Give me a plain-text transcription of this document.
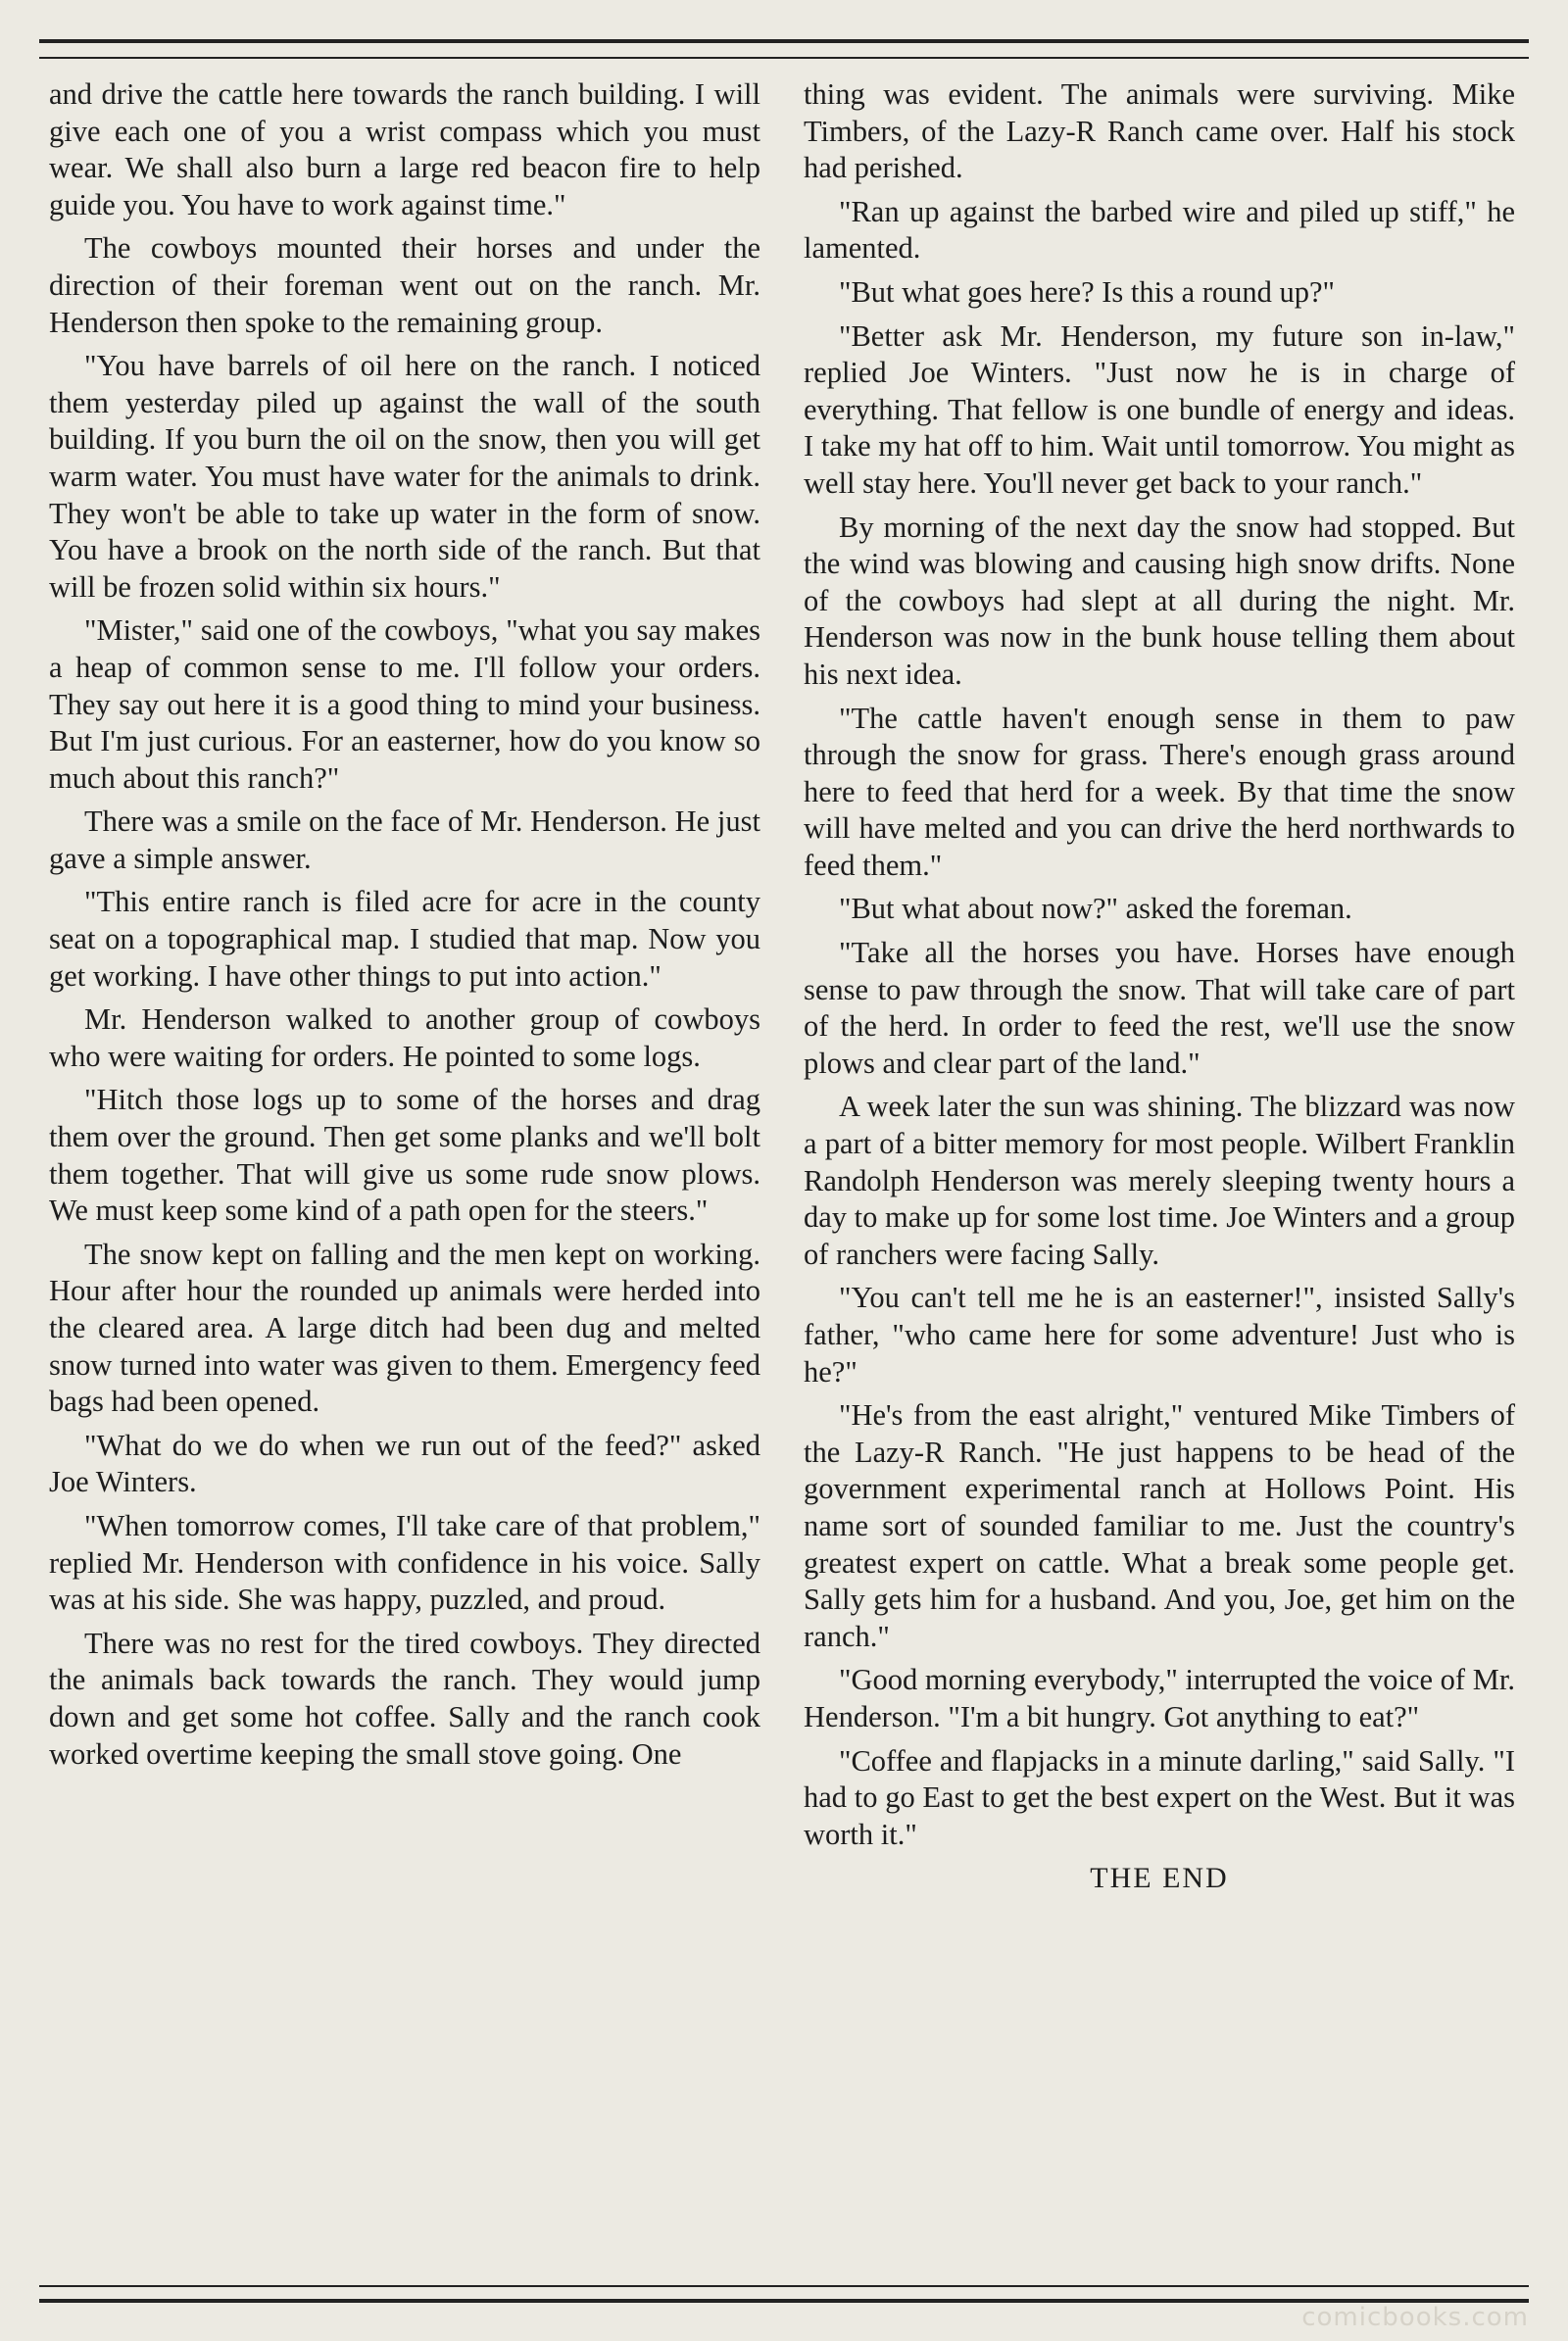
and drive the cattle here towards the ranch building. I will give each one of you a wrist compass which you must wear. We shall also burn a large red beacon fire to help guide you. You have to work against time."

The cowboys mounted their horses and under the direction of their foreman went out on the ranch. Mr. Henderson then spoke to the remaining group.

"You have barrels of oil here on the ranch. I noticed them yesterday piled up against the wall of the south building. If you burn the oil on the snow, then you will get warm water. You must have water for the animals to drink. They won't be able to take up water in the form of snow. You have a brook on the north side of the ranch. But that will be frozen solid within six hours."

"Mister," said one of the cowboys, "what you say makes a heap of common sense to me. I'll follow your orders. They say out here it is a good thing to mind your business. But I'm just curious. For an easterner, how do you know so much about this ranch?"

There was a smile on the face of Mr. Henderson. He just gave a simple answer.

"This entire ranch is filed acre for acre in the county seat on a topographical map. I studied that map. Now you get working. I have other things to put into action."

Mr. Henderson walked to another group of cowboys who were waiting for orders. He pointed to some logs.

"Hitch those logs up to some of the horses and drag them over the ground. Then get some planks and we'll bolt them together. That will give us some rude snow plows. We must keep some kind of a path open for the steers."

The snow kept on falling and the men kept on working. Hour after hour the rounded up animals were herded into the cleared area. A large ditch had been dug and melted snow turned into water was given to them. Emergency feed bags had been opened.

"What do we do when we run out of the feed?" asked Joe Winters.

"When tomorrow comes, I'll take care of that problem," replied Mr. Henderson with confidence in his voice. Sally was at his side. She was happy, puzzled, and proud.

There was no rest for the tired cowboys. They directed the animals back towards the ranch. They would jump down and get some hot coffee. Sally and the ranch cook worked overtime keeping the small stove going. One

thing was evident. The animals were surviving. Mike Timbers, of the Lazy-R Ranch came over. Half his stock had perished.

"Ran up against the barbed wire and piled up stiff," he lamented.

"But what goes here? Is this a round up?"

"Better ask Mr. Henderson, my future son in-law," replied Joe Winters. "Just now he is in charge of everything. That fellow is one bundle of energy and ideas. I take my hat off to him. Wait until tomorrow. You might as well stay here. You'll never get back to your ranch."

By morning of the next day the snow had stopped. But the wind was blowing and causing high snow drifts. None of the cowboys had slept at all during the night. Mr. Henderson was now in the bunk house telling them about his next idea.

"The cattle haven't enough sense in them to paw through the snow for grass. There's enough grass around here to feed that herd for a week. By that time the snow will have melted and you can drive the herd northwards to feed them."

"But what about now?" asked the foreman.

"Take all the horses you have. Horses have enough sense to paw through the snow. That will take care of part of the herd. In order to feed the rest, we'll use the snow plows and clear part of the land."

A week later the sun was shining. The blizzard was now a part of a bitter memory for most people. Wilbert Franklin Randolph Henderson was merely sleeping twenty hours a day to make up for some lost time. Joe Winters and a group of ranchers were facing Sally.

"You can't tell me he is an easterner!", insisted Sally's father, "who came here for some adventure! Just who is he?"

"He's from the east alright," ventured Mike Timbers of the Lazy-R Ranch. "He just happens to be head of the government experimental ranch at Hollows Point. His name sort of sounded familiar to me. Just the country's greatest expert on cattle. What a break some people get. Sally gets him for a husband. And you, Joe, get him on the ranch."

"Good morning everybody," interrupted the voice of Mr. Henderson. "I'm a bit hungry. Got anything to eat?"

"Coffee and flapjacks in a minute darling," said Sally. "I had to go East to get the best expert on the West. But it was worth it."

THE END

comicbooks.com
